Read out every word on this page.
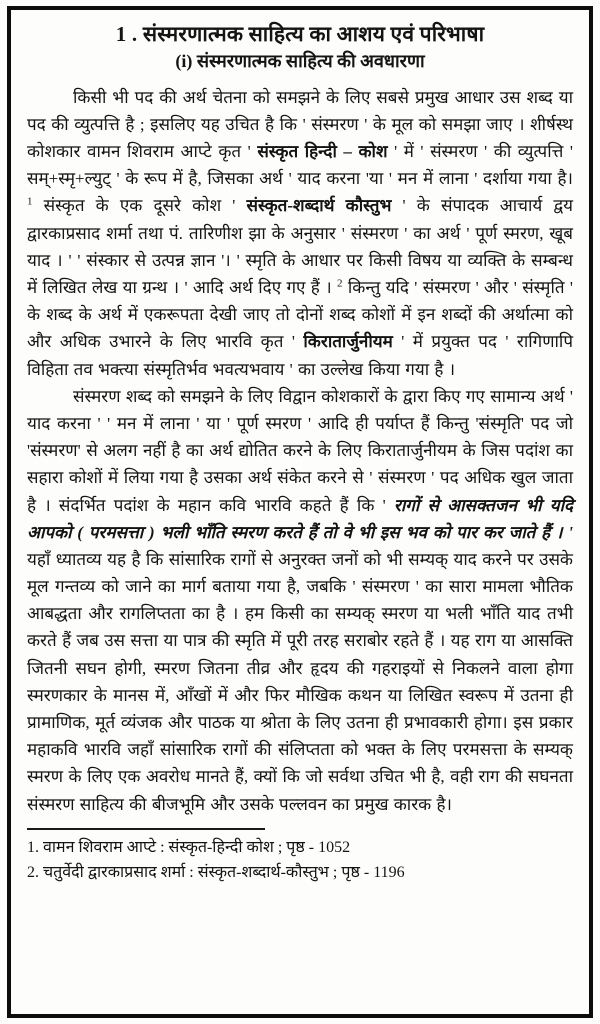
1 . संस्मरणात्मक साहित्य का आशय एवं परिभाषा
(i) संस्मरणात्मक साहित्य की अवधारणा

किसी भी पद की अर्थ चेतना को समझने के लिए सबसे प्रमुख आधार उस शब्द या पद की व्युत्पत्ति है ; इसलिए यह उचित है कि ' संस्मरण ' के मूल को समझा जाए । शीर्षस्थ कोशकार वामन शिवराम आप्टे कृत ' संस्कृत हिन्दी – कोश ' में ' संस्मरण ' की व्युत्पत्ति ' सम्+स्मृ+ल्युट् ' के रूप में है, जिसका अर्थ ' याद करना 'या ' मन में लाना ' दर्शाया गया है। $^1$ संस्कृत के एक दूसरे कोश ' संस्कृत-शब्दार्थ कौस्तुभ ' के संपादक आचार्य द्वय द्वारकाप्रसाद शर्मा तथा पं. तारिणीश झा के अनुसार ' संस्मरण ' का अर्थ ' पूर्ण स्मरण, खूब याद । ' ' संस्कार से उत्पन्न ज्ञान '। ' स्मृति के आधार पर किसी विषय या व्यक्ति के सम्बन्ध में लिखित लेख या ग्रन्थ । ' आदि अर्थ दिए गए हैं । $^2$ किन्तु यदि ' संस्मरण ' और ' संस्मृति ' के शब्द के अर्थ में एकरूपता देखी जाए तो दोनों शब्द कोशों में इन शब्दों की अर्थात्मा को और अधिक उभारने के लिए भारवि कृत ' किरातार्जुनीयम ' में प्रयुक्त पद ' रागिणापि विहिता तव भक्त्या संस्मृतिर्भव भवत्यभवाय ' का उल्लेख किया गया है ।

संस्मरण शब्द को समझने के लिए विद्वान कोशकारों के द्वारा किए गए सामान्य अर्थ ' याद करना ' ' मन में लाना ' या ' पूर्ण स्मरण ' आदि ही पर्याप्त हैं किन्तु 'संस्मृति' पद जो 'संस्मरण' से अलग नहीं है का अर्थ द्योतित करने के लिए किरातार्जुनीयम के जिस पदांश का सहारा कोशों में लिया गया है उसका अर्थ संकेत करने से ' संस्मरण ' पद अधिक खुल जाता है । संदर्भित पदांश के महान कवि भारवि कहते हैं कि ' रागों से आसक्तजन भी यदि आपको ( परमसत्ता ) भली भाँति स्मरण करते हैं तो वे भी इस भव को पार कर जाते हैं । ' यहाँ ध्यातव्य यह है कि सांसारिक रागों से अनुरक्त जनों को भी सम्यक् याद करने पर उसके मूल गन्तव्य को जाने का मार्ग बताया गया है, जबकि ' संस्मरण ' का सारा मामला भौतिक आबद्धता और रागलिप्तता का है । हम किसी का सम्यक् स्मरण या भली भाँति याद तभी करते हैं जब उस सत्ता या पात्र की स्मृति में पूरी तरह सराबोर रहते हैं । यह राग या आसक्ति जितनी सघन होगी, स्मरण जितना तीव्र और हृदय की गहराइयों से निकलने वाला होगा स्मरणकार के मानस में, आँखों में और फिर मौखिक कथन या लिखित स्वरूप में उतना ही प्रामाणिक, मूर्त व्यंजक और पाठक या श्रोता के लिए उतना ही प्रभावकारी होगा। इस प्रकार महाकवि भारवि जहाँ सांसारिक रागों की संलिप्तता को भक्त के लिए परमसत्ता के सम्यक् स्मरण के लिए एक अवरोध मानते हैं, क्यों कि जो सर्वथा उचित भी है, वही राग की सघनता संस्मरण साहित्य की बीजभूमि और उसके पल्लवन का प्रमुख कारक है।

1. वामन शिवराम आप्टे : संस्कृत-हिन्दी कोश ; पृष्ठ - 1052
2. चतुर्वेदी द्वारकाप्रसाद शर्मा : संस्कृत-शब्दार्थ-कौस्तुभ ; पृष्ठ - 1196
